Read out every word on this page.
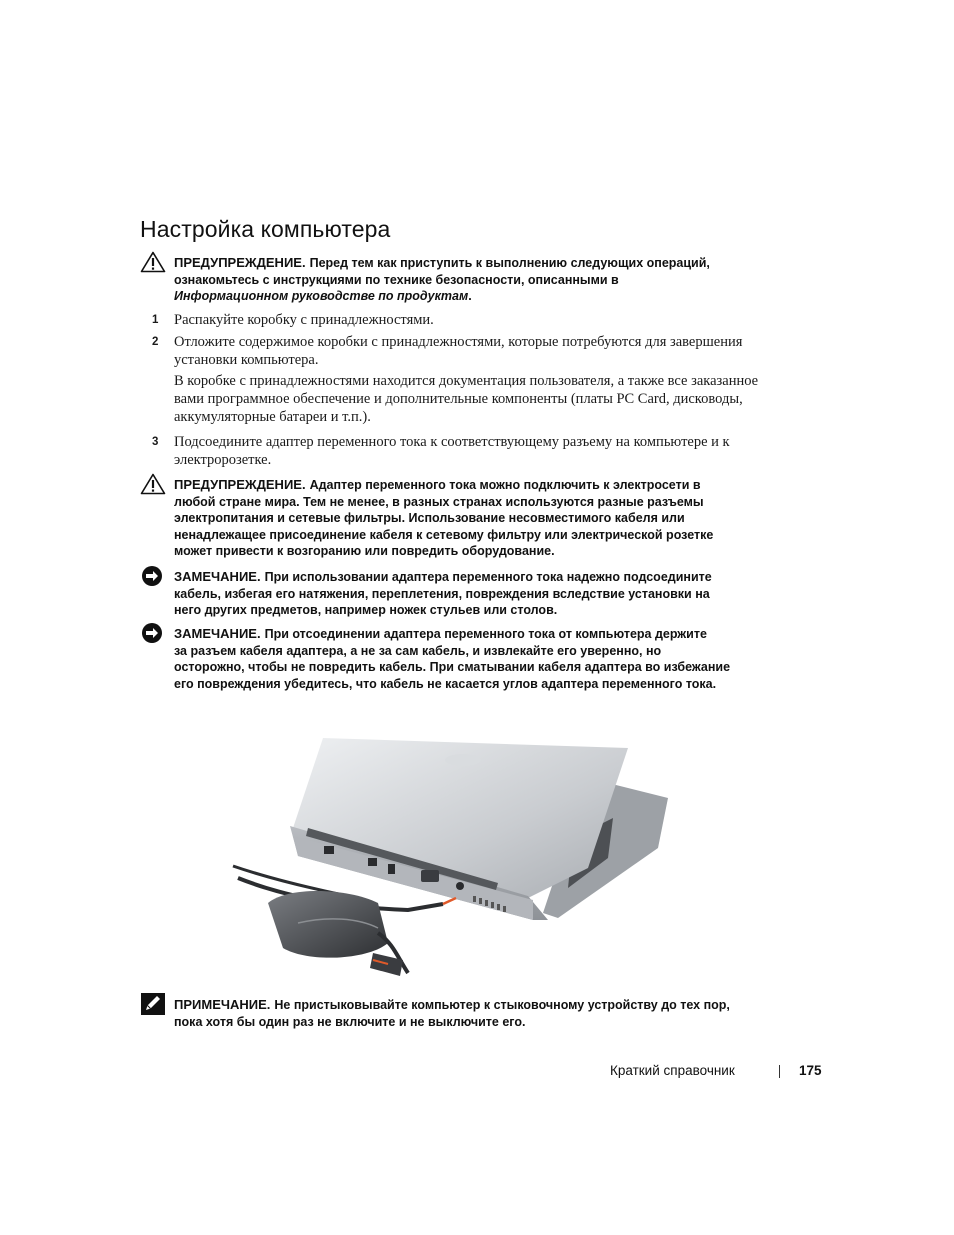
Настройка компьютера

ПРЕДУПРЕЖДЕНИЕ. Перед тем как приступить к выполнению следующих операций,

ознакомьтесь с инструкциями по технике безопасности, описанными в

Информационном руководстве по продуктам.

1 Распакуйте коробку с принадлежностями.

2 Отложите содержимое коробки с принадлежностями, которые потребуются для завершения установки компьютера.

В коробке с принадлежностями находится документация пользователя, а также все заказанное вами программное обеспечение и дополнительные компоненты (платы PC Card, дисководы, аккумуляторные батареи и т.п.).

3 Подсоедините адаптер переменного тока к соответствующему разъему на компьютере и к электророзетке.

ПРЕДУПРЕЖДЕНИЕ. Адаптер переменного тока можно подключить к электросети в

любой стране мира. Тем не менее, в разных странах используются разные разъемы

электропитания и сетевые фильтры. Использование несовместимого кабеля или

ненадлежащее присоединение кабеля к сетевому фильтру или электрической розетке

может привести к возгоранию или повредить оборудование.

ЗАМЕЧАНИЕ. При использовании адаптера переменного тока надежно подсоедините

кабель, избегая его натяжения, переплетения, повреждения вследствие установки на

него других предметов, например ножек стульев или столов.

ЗАМЕЧАНИЕ. При отсоединении адаптера переменного тока от компьютера держите

за разъем кабеля адаптера, а не за сам кабель, и извлекайте его уверенно, но

осторожно, чтобы не повредить кабель. При сматывании кабеля адаптера во избежание

его повреждения убедитесь, что кабель не касается углов адаптера переменного тока.

ПРИМЕЧАНИЕ. Не пристыковывайте компьютер к стыковочному устройству до тех пор,

пока хотя бы один раз не включите и не выключите его.

Краткий справочник	175
